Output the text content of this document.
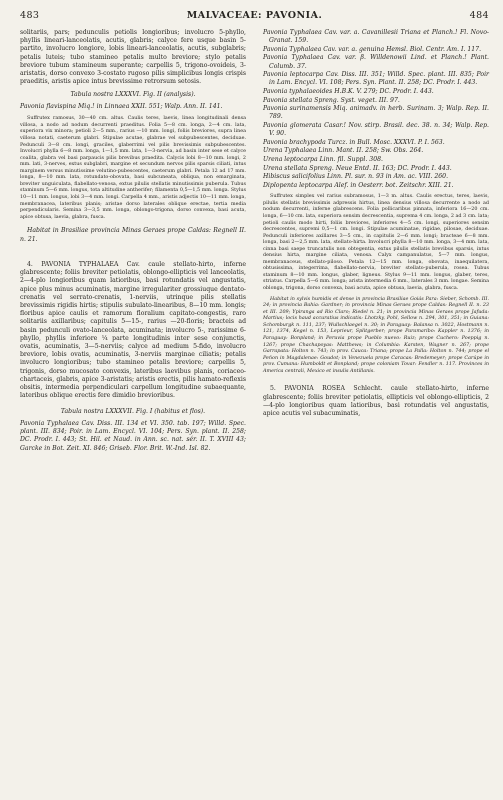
483	MALVACEAE: PAVONIA.	484

solitariis, pars; pedunculis petiolis longioribus; involucro 5-phyllo, phyllis lineari-lanceolatis, acutis, glabris; calyce fere usque basin 5-partito, involucro longiore, lobis lineari-lanceolatis, acutis, subglabris; petalis luteis; tubo stamineo petalis multo breviore; stylo petalis breviore tubum stamineum superante; carpellis 5, trigono-ovoideis, 3-aristatis, dorso convexo 3-costato rugoso pilis simplicibus longis crispis praeditis, aristis apice intus brevissime retrorsum setosis.

Tabula nostra LXXXVI. Fig. II (analysis).

Pavonia flavispina Miq.! in Linnaea XXII. 551; Walp. Ann. II. 141.

Suffrutex ramosus, 30—40 cm. altus. Caulis teres, laevis, linea longitudinali densa villosa, a nodo ad nodum decurrenti praeditus. Folia 5—8 cm. longa, 2—4 cm. lata, superiora vix minora; petioli 2—5 mm., rarius —10 mm. longi, foliis breviores, supra linea villosa notati, caeterum glabri. Stipulae acutae, glabrae vel subpubescentes, deciduae. Pedunculi 3—8 cm. longi, graciles, glaberrimi vel pilis brevissimis subpubescentes. Involucri phylla 6—8 mm. longa, 1—1,5 mm. lata, 1—3-nervia, ad basin inter sese et calyce coalita, glabra vel basi parpaucis pilis brevibus praedita. Calycis lobi 8—10 mm. longi, 2 mm. lati, 3-nerves, extus subglabri, margine et secundum nervos pilis sparsis ciliati, intus marginem versus minutissime velutino-pubescentes, caeterum glabri. Petala 12 ad 17 mm. longa, 8—10 mm. lata, rotundato-obovata, basi subcuneata, obliqua, non emarginata, breviter unguiculata, flabellato-venosa, extus pilulis stellatis minutissimis puberula. Tubus staminum 5—6 mm. longus, tota altitudine antherifer; filamenta 0,5—1,5 mm. longa. Stylus 10—11 mm. longus, lobi 3—4 mm. longi. Carpella 4 mm., aristis adjectis 10—11 mm. longa, membranacea, lateribus planis; aristae dorso laterales oblique erectae, tertia media perpendicularis. Semina 3—3,5 mm. longa, oblongo-trigona, dorso convexa, basi acuta, apice obtusa, laevia, glabra, fusca.

Habitat in Brasiliae provincia Minas Geraes prope Caldas: Regnell II. n. 21.

4. PAVONIA TYPHALAEA Cav. caule stellato-hirto, inferne glabrescente; foliis breviter petiolatis, oblongo-ellipticis vel lanceolatis, 2—4-plo longioribus quam latioribus, basi rotundatis vel angustatis, apice plus minus acuminatis, margine irregulariter grossiuque dentato-crenatis vel serrato-crenatis, 1-nerviis, utrinque pilis stellatis brevissimis rigidis hirtis; stipulis subulato-linearibus, 8—10 mm. longis; floribus apice caulis et ramorum floralium capitato-congestis, raro solitariis axillaribus; capitulis 5—15-, rarius —20-floris; bracteis ad basin pedunculi ovato-lanceolata, acuminata; involucro 5-, rarissime 6-phyllo, phyllis inferiore ¼ parte longitudinis inter sese conjunctis, ovatis, acuminatis, 3—5-nerviis; calyce ad medium 5-fido, involucro breviore, lobis ovatis, acuminatis, 3-nerviis marginae ciliatis; petalis involucro longioribus; tubo stamineo petalis breviore; carpellis 5, trigonis, dorso mucosato convexis, lateribus laevibus planis, coriaceo-chartaceis, glabris, apice 3-aristatis; aristis erectis, pilis hamato-reflexis obsitis, intermedia perpendiculari carpellum longitudine subaequante, lateribus oblique erectis fere dimidio brevioribus.

Tabula nostra LXXXVII. Fig. I (habitus et flos).

Pavonia Typhalaea Cav. Diss. III. 134 et VI. 350. tab. 197; Willd. Spec. plant. III. 834; Poir. in Lam. Encycl. VI. 104; Pers. Syn. plant. II. 258; DC. Prodr. I. 443; St. Hil. et Naud. in Ann. sc. nat. sér. II. T. XVIII 43; Garcke in Bot. Zeit. XI. 846; Griseb. Flor. Brit. W.-Ind. Isl. 82.

Pavonia Typhalaea Cav. var. a. Cavanillesii Triana et Planch.! Fl. Novo-Granat. 159.

Pavonia Typhalaea Cav. var. a. genuina Hemsl. Biol. Centr. Am. I. 117.

Pavonia Typhalaea Cav. var. β. Willdenowii Lind. et Planch.! Plant. Columb. 37.

Pavonia leptocarpa Cav. Diss. III. 351; Willd. Spec. plant. III. 835; Poir in Lam. Encycl. VI. 108; Pers. Syn. Plant. II. 258; DC. Prodr. I. 443.

Pavonia typhalaeoides H.B.K. V. 279; DC. Prodr. I. 443.

Pavonia stellata Spreng. Syst. veget. III. 97.

Pavonia surinamensis Miq. animadv. in herb. Surinam. 3; Walp. Rep. II. 789.

Pavonia glomerata Casar.! Nov. stirp. Brasil. dec. 38. n. 34; Walp. Rep. V. 90.

Pavonia brachypoda Turcz. in Bull. Mosc. XXXVI. P. I. 563.

Urena Typhalaea Linn. Mant. II. 258; Sw. Obs. 264.

Urena leptocarpa Linn. fil. Suppl. 308.

Urena stellata Spreng. Neue Entd. II. 163; DC. Prodr. I. 443.

Hibiscus salicifolius Linn. Pl. sur. n. 93 in Am. ac. VIII. 260.

Diplopenta leptocarpa Alef. in Oesterr. bot. Zeitschr. XIII. 21.

Suffrutex simplex vel rarius subramosus, 1—3 m. altus. Caulis erectus, teres, laevis, pilulis stellatis brevissimis adpressis hirtus, linea densius villosa decurrente a nodo ad nodum decurrenti, inferne glabrescens. Folia pollicaribus pinnata, inferiora 16—20 cm. longa, 6—10 cm. lata, superiora sensim decrescentia, suprema 4 cm. longa, 2 ad 3 cm. lata; petioli caulis modo hirti, foliis breviores, inferiores 4—5 cm. longi, superiores sensim decrescentes, supremi 0,5—1 cm. longi. Stipulae acuminatae, rigidae, pilosae, deciduae. Pedunculi inferiores axillares 3—5 cm., in capitulis 2—6 mm. longi; bracteae 6—8 mm. longa, basi 2—2,5 mm. lata, stellato-hirta. Involucri phylla 8—10 mm. longa, 3—4 mm. lata, cinna basi saepe truncatulis non obtegentia, extus pilulis stellatis brevibus sparsis, intus densius hirta, margine ciliata, venosa. Calyx campanulatus, 5—7 mm. longus, membranaceus, stellato-piloso. Petala 12—15 mm. longa, obovata, inaequilatera, obtusissima, integerrima, flabellato-nervia, breviter stellato-puberula, rosea. Tubus staminum 8—10 mm. longus, glaber, ligneus. Stylus 9—11 mm. longus, glaber, teres, striatus. Carpella 5—6 mm. longa; arista intermedia 6 mm., laterales 3 mm. longae. Semina oblonga, trigona, dorso convexa, basi acuta, apice obtusa, laevia, glabra, fusca.

Habitat in sylvis humidis et dense in provincia Brasiliae Goiás Para: Sieber, Schomb. III. 24; in provincia Bahia: Gardner; in provincia Minas Geraes prope Caldas: Regnell II. n. 23 et III. 209; Ypiranga ad Rio Claro; Riedel n. 21; in provincia Minas Geraes prope Jafuda: Martius; locis haud accuratius indicatis: Lhotzky, Pohl, Sellow n. 294, 301, 351; in Guiana: Schomburgk n. 111, 237; Wullschlaegel n. 30; in Paraguay: Balansa n. 3022, Hostmann n. 121, 1374, Kegel n. 153, Leprieur, Splitgerber; prope Paramaribo: Kappler n. 1376; in Paraguay: Bonpland; in Peruvia prope Pueblo nuevo: Ruiz; prope Cuchero: Poeppig n. 1267; prope Chachapoyas: Matthews; in Columbia: Karsten, Wagner n. 267; prope Garrapata: Holton n. 743; in prov. Cauca: Triana; prope La Palla: Holton n. 744; prope el Peñon in Magdalenae: Goudot; in Venezuela prope Caracas: Bredemeyer; prope Carúpe in prov. Cumana: Humboldt et Bonpland; prope coloniam Tovar: Fendler n. 117. Provinces in America centrali, Mexico et insulis Antillanis.

5. PAVONIA ROSEA Schlecht. caule stellato-hirto, inferne glabrescente; foliis breviter petiolatis, ellipticis vel oblongo-ellipticis, 2—4-plo longioribus quam latioribus, basi rotundatis vel angustatis, apice acutis vel subacuminatis,
